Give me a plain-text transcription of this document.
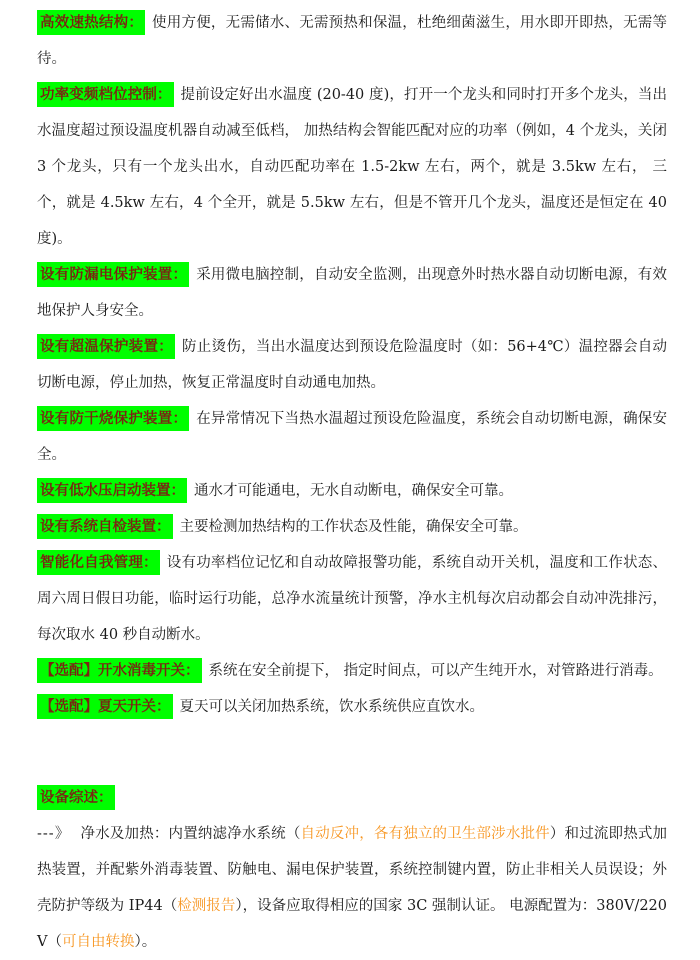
高效速热结构： 使用方便，无需储水、无需预热和保温，杜绝细菌滋生，用水即开即热，无需等待。

功率变频档位控制： 提前设定好出水温度 (20-40 度)，打开一个龙头和同时打开多个龙头，当出水温度超过预设温度机器自动减至低档， 加热结构会智能匹配对应的功率（例如，4 个龙头，关闭 3 个龙头，只有一个龙头出水，自动匹配功率在 1.5-2kw 左右，两个，就是 3.5kw 左右， 三个，就是 4.5kw 左右，4 个全开，就是 5.5kw 左右，但是不管开几个龙头，温度还是恒定在 40 度)。

设有防漏电保护装置： 采用微电脑控制，自动安全监测，出现意外时热水器自动切断电源，有效地保护人身安全。

设有超温保护装置： 防止烫伤，当出水温度达到预设危险温度时（如：56+4℃）温控器会自动切断电源，停止加热，恢复正常温度时自动通电加热。

设有防干烧保护装置： 在异常情况下当热水温超过预设危险温度，系统会自动切断电源，确保安全。

设有低水压启动装置： 通水才可能通电，无水自动断电，确保安全可靠。

设有系统自检装置： 主要检测加热结构的工作状态及性能，确保安全可靠。

智能化自我管理： 设有功率档位记忆和自动故障报警功能，系统自动开关机，温度和工作状态、周六周日假日功能，临时运行功能，总净水流量统计预警，净水主机每次启动都会自动冲洗排污， 每次取水 40 秒自动断水。

【选配】开水消毒开关： 系统在安全前提下， 指定时间点，可以产生纯开水，对管路进行消毒。

【选配】夏天开关： 夏天可以关闭加热系统，饮水系统供应直饮水。

设备综述：

---》 净水及加热：内置纳滤净水系统（自动反冲，各有独立的卫生部涉水批件）和过流即热式加热装置，并配紫外消毒装置、防触电、漏电保护装置，系统控制键内置，防止非相关人员误设；外壳防护等级为 IP44（检测报告），设备应取得相应的国家 3C 强制认证。 电源配置为：380V/220V（可自由转换）。
